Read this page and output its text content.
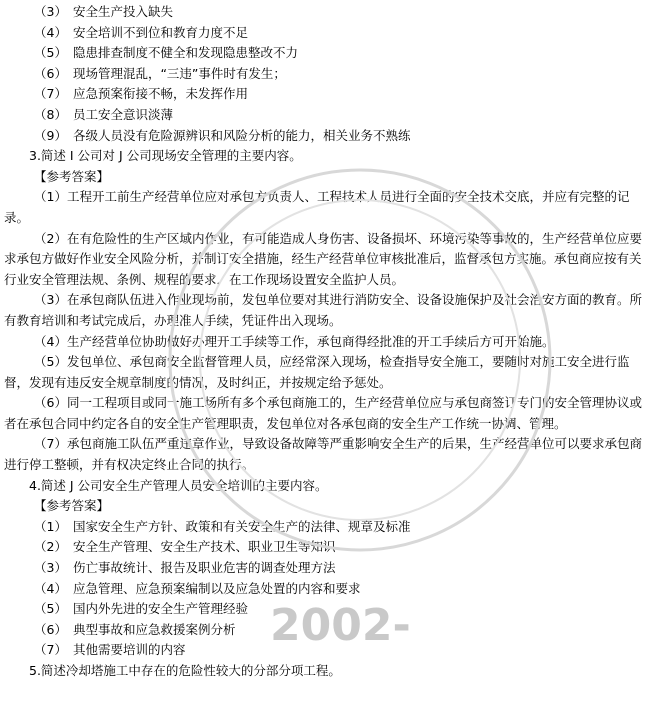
2002-
（3） 安全生产投入缺失
（4） 安全培训不到位和教育力度不足
（5） 隐患排查制度不健全和发现隐患整改不力
（6） 现场管理混乱，“三违”事件时有发生；
（7） 应急预案衔接不畅，未发挥作用
（8） 员工安全意识淡薄
（9） 各级人员没有危险源辨识和风险分析的能力，相关业务不熟练
3.简述 I 公司对 J 公司现场安全管理的主要内容。
【参考答案】
（1）工程开工前生产经营单位应对承包方负责人、工程技术人员进行全面的安全技术交底，并应有完整的记录。
（2）在有危险性的生产区域内作业，有可能造成人身伤害、设备损坏、环境污染等事故的，生产经营单位应要求承包方做好作业安全风险分析，并制订安全措施，经生产经营单位审核批准后，监督承包方实施。承包商应按有关行业安全管理法规、条例、规程的要求，在工作现场设置安全监护人员。
（3）在承包商队伍进入作业现场前，发包单位要对其进行消防安全、设备设施保护及社会治安方面的教育。所有教育培训和考试完成后，办理准人手续，凭证件出入现场。
（4）生产经营单位协助做好办理开工手续等工作，承包商得经批准的开工手续后方可开始施。
（5）发包单位、承包商安全监督管理人员，应经常深入现场，检查指导安全施工，要随时对施工安全进行监督，发现有违反安全规章制度的情况，及时纠正，并按规定给予惩处。
（6）同一工程项目或同一施工场所有多个承包商施工的，生产经营单位应与承包商签订专门的安全管理协议或者在承包合同中约定各自的安全生产管理职责，发包单位对各承包商的安全生产工作统一协调、管理。
（7）承包商施工队伍严重违章作业，导致设备故障等严重影响安全生产的后果，生产经营单位可以要求承包商进行停工整顿，并有权决定终止合同的执行。
4.简述 J 公司安全生产管理人员安全培训的主要内容。
【参考答案】
（1） 国家安全生产方针、政策和有关安全生产的法律、规章及标准
（2） 安全生产管理、安全生产技术、职业卫生等知识
（3） 伤亡事故统计、报告及职业危害的调查处理方法
（4） 应急管理、应急预案编制以及应急处置的内容和要求
（5） 国内外先进的安全生产管理经验
（6） 典型事故和应急救援案例分析
（7） 其他需要培训的内容
5.简述冷却塔施工中存在的危险性较大的分部分项工程。
